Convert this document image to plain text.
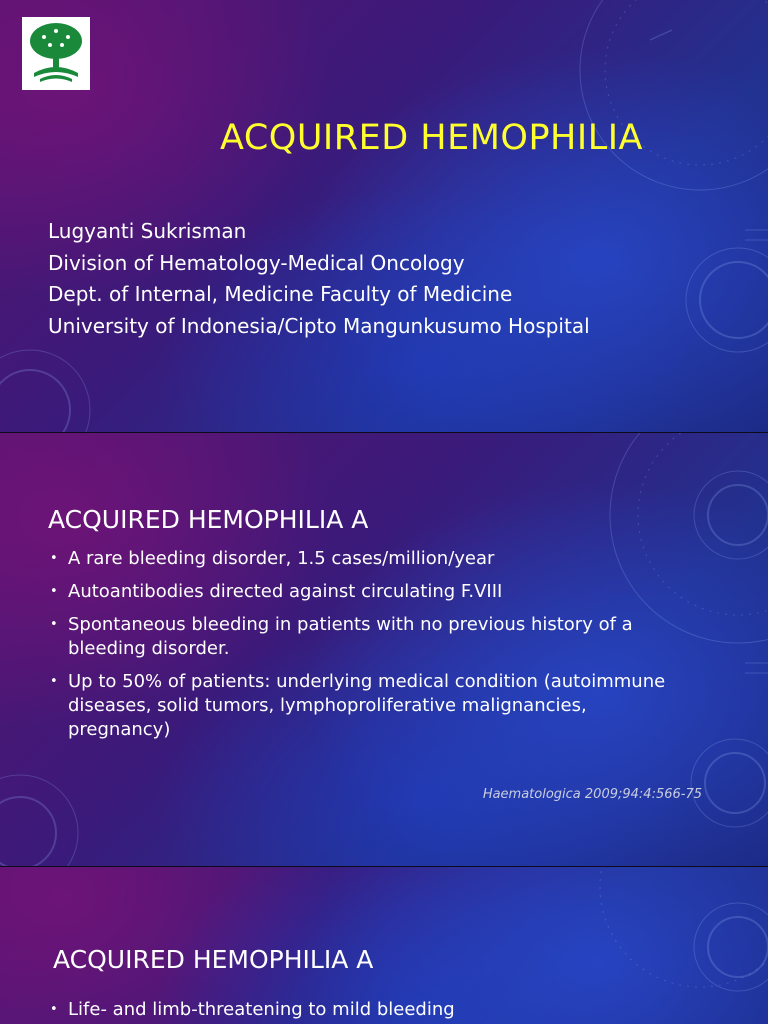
ACQUIRED HEMOPHILIA
Lugyanti Sukrisman
Division of Hematology-Medical Oncology
Dept. of Internal, Medicine Faculty of Medicine
University of Indonesia/Cipto Mangunkusumo Hospital
ACQUIRED HEMOPHILIA A
• A rare bleeding disorder, 1.5 cases/million/year
• Autoantibodies directed against circulating F.VIII
• Spontaneous bleeding in patients with no previous history of a bleeding disorder.
• Up to 50% of patients: underlying medical condition (autoimmune diseases, solid tumors, lymphoproliferative malignancies, pregnancy)
Haematologica 2009;94:4:566-75
ACQUIRED HEMOPHILIA A
• Life- and limb-threatening to mild bleeding
